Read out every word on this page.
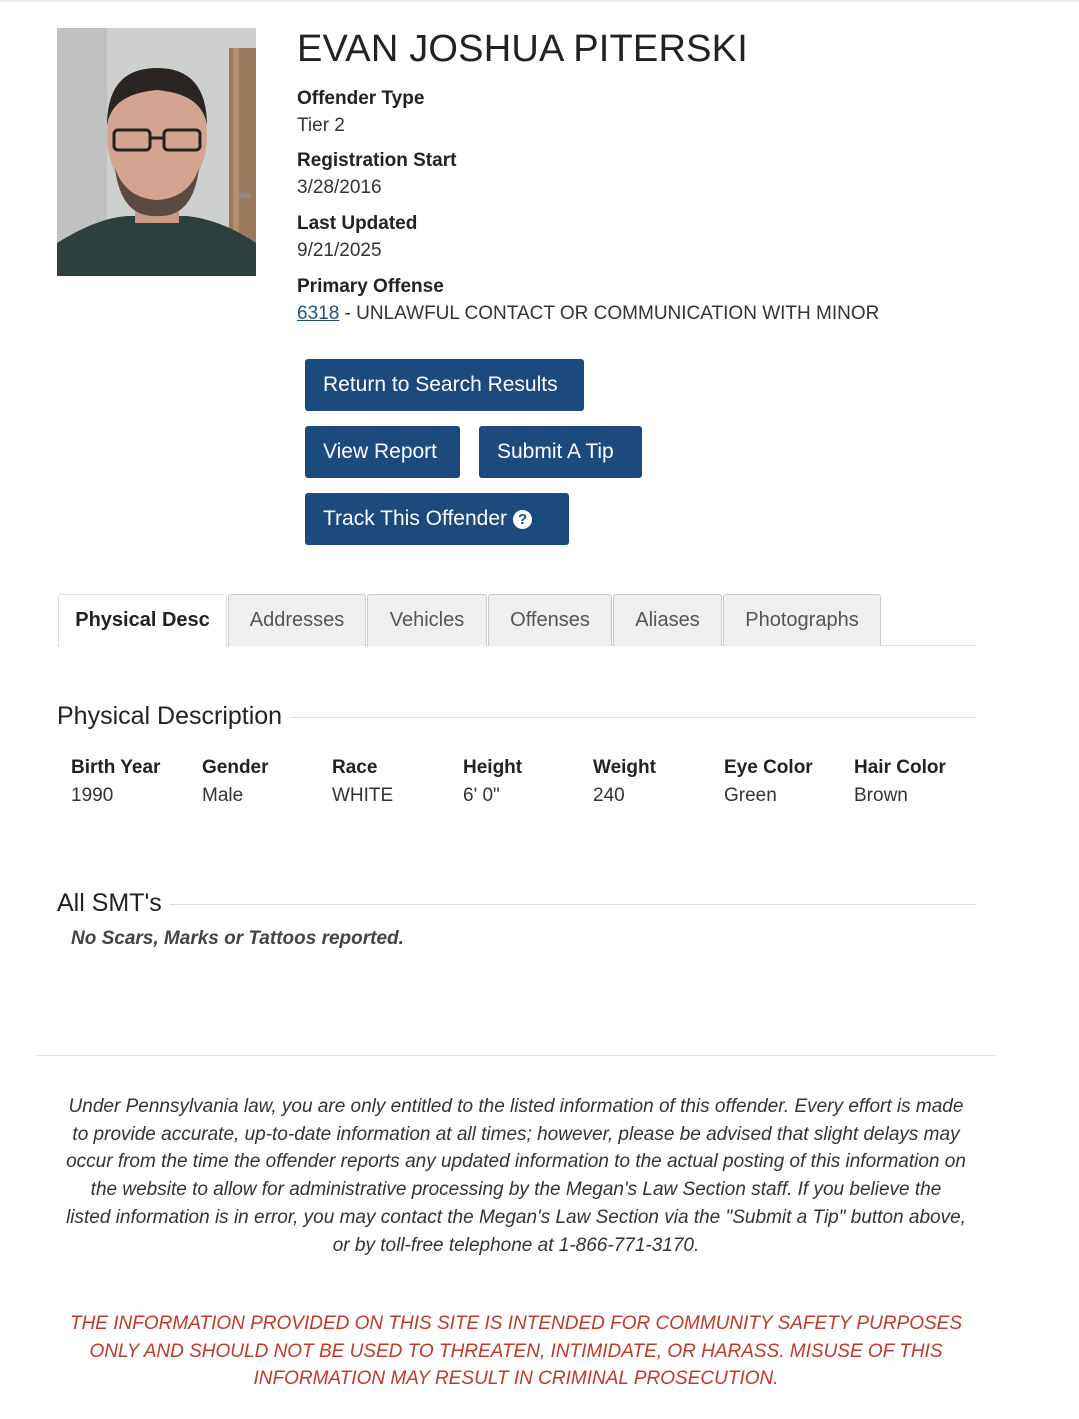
EVAN JOSHUA PITERSKI
Offender Type
Tier 2
Registration Start
3/28/2016
Last Updated
9/21/2025
Primary Offense
6318 - UNLAWFUL CONTACT OR COMMUNICATION WITH MINOR
Return to Search Results
View Report	Submit A Tip
Track This Offender ?
Physical Desc	Addresses	Vehicles	Offenses	Aliases	Photographs
Physical Description
Birth Year
1990
Gender
Male
Race
WHITE
Height
6' 0"
Weight
240
Eye Color
Green
Hair Color
Brown
All SMT's
No Scars, Marks or Tattoos reported.
Under Pennsylvania law, you are only entitled to the listed information of this offender. Every effort is made to provide accurate, up-to-date information at all times; however, please be advised that slight delays may occur from the time the offender reports any updated information to the actual posting of this information on the website to allow for administrative processing by the Megan's Law Section staff. If you believe the listed information is in error, you may contact the Megan's Law Section via the "Submit a Tip" button above, or by toll-free telephone at 1-866-771-3170.
THE INFORMATION PROVIDED ON THIS SITE IS INTENDED FOR COMMUNITY SAFETY PURPOSES ONLY AND SHOULD NOT BE USED TO THREATEN, INTIMIDATE, OR HARASS. MISUSE OF THIS INFORMATION MAY RESULT IN CRIMINAL PROSECUTION.
